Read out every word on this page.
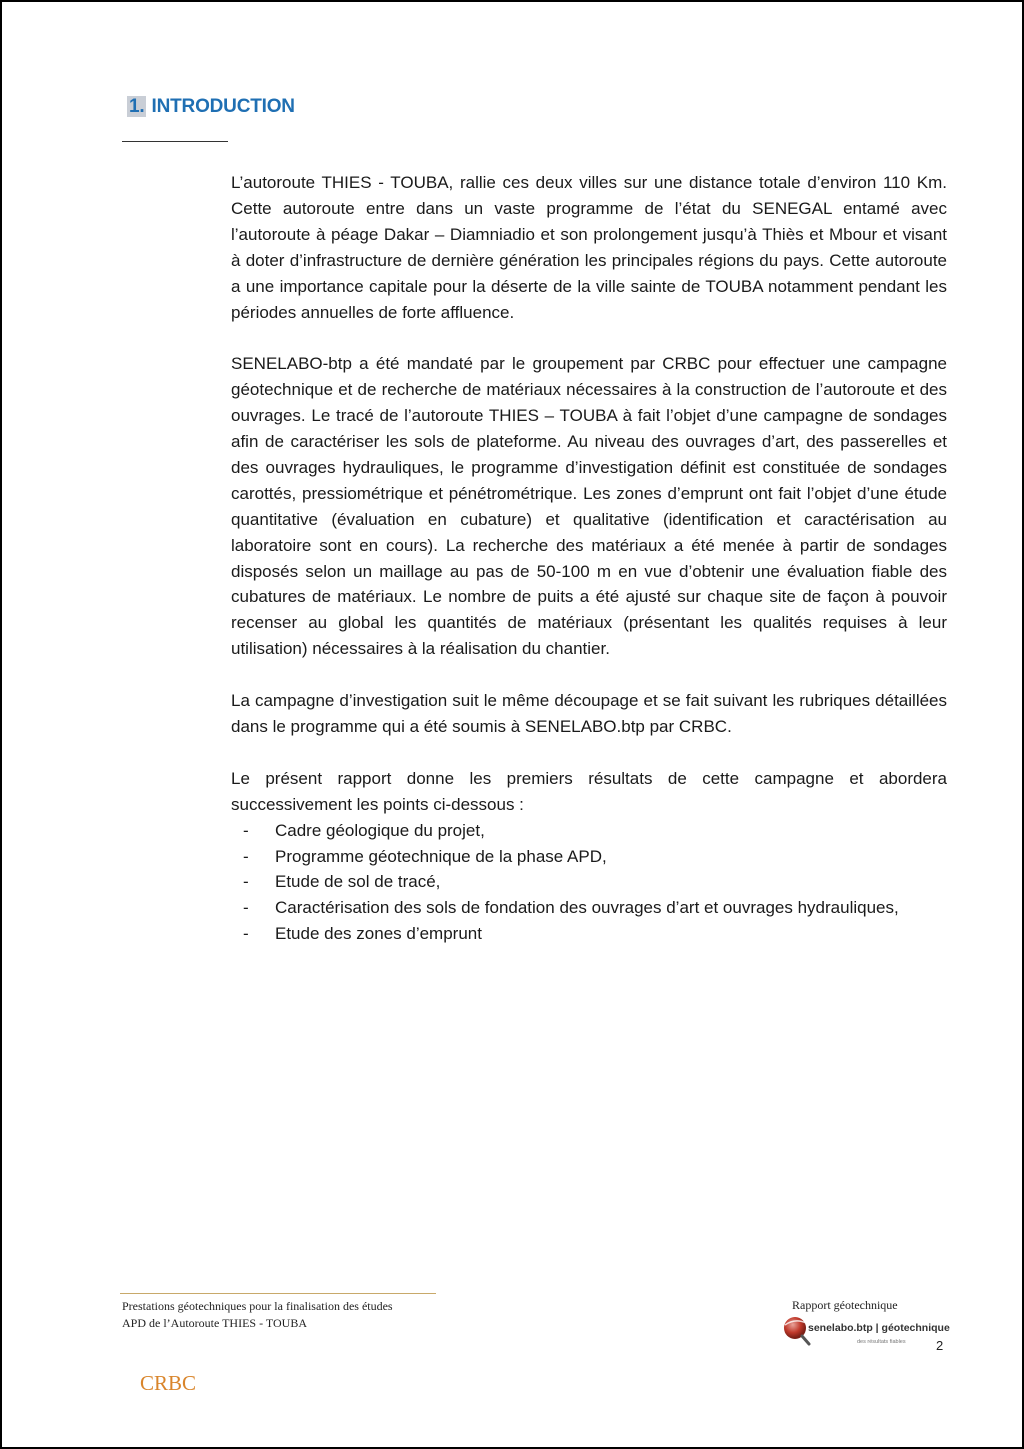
1. INTRODUCTION

L’autoroute THIES - TOUBA, rallie ces deux villes sur une distance totale d’environ 110 Km. Cette autoroute entre dans un vaste programme de l’état du SENEGAL entamé avec l’autoroute à péage Dakar – Diamniadio et son prolongement jusqu’à Thiès et Mbour et visant à doter d’infrastructure de dernière génération les principales régions du pays. Cette autoroute a une importance capitale pour la déserte de la ville sainte de TOUBA notamment pendant les périodes annuelles de forte affluence.

SENELABO-btp a été mandaté par le groupement par CRBC pour effectuer une campagne géotechnique et de recherche de matériaux nécessaires à la construction de l’autoroute et des ouvrages. Le tracé de l’autoroute THIES – TOUBA à fait l’objet d’une campagne de sondages afin de caractériser les sols de plateforme. Au niveau des ouvrages d’art, des passerelles et des ouvrages hydrauliques, le programme d’investigation définit est constituée de sondages carottés, pressiométrique et pénétrométrique. Les zones d’emprunt ont fait l’objet d’une étude quantitative (évaluation en cubature) et qualitative (identification et caractérisation au laboratoire sont en cours). La recherche des matériaux a été menée à partir de sondages disposés selon un maillage au pas de 50-100 m en vue d’obtenir une évaluation fiable des cubatures de matériaux. Le nombre de puits a été ajusté sur chaque site de façon à pouvoir recenser au global les quantités de matériaux (présentant les qualités requises à leur utilisation) nécessaires à la réalisation du chantier.

La campagne d’investigation suit le même découpage et se fait suivant les rubriques détaillées dans le programme qui a été soumis à SENELABO.btp par CRBC.

Le présent rapport donne les premiers résultats de cette campagne et abordera successivement les points ci-dessous :

-	Cadre géologique du projet,
-	Programme géotechnique de la phase APD,
-	Etude de sol de tracé,
-	Caractérisation des sols de fondation des ouvrages d’art et ouvrages hydrauliques,
-	Etude des zones d’emprunt
Prestations géotechniques pour la finalisation des études
APD de l’Autoroute THIES - TOUBA
Rapport géotechnique
senelabo.btp | géotechnique
des résultats fiables 2
CRBC
